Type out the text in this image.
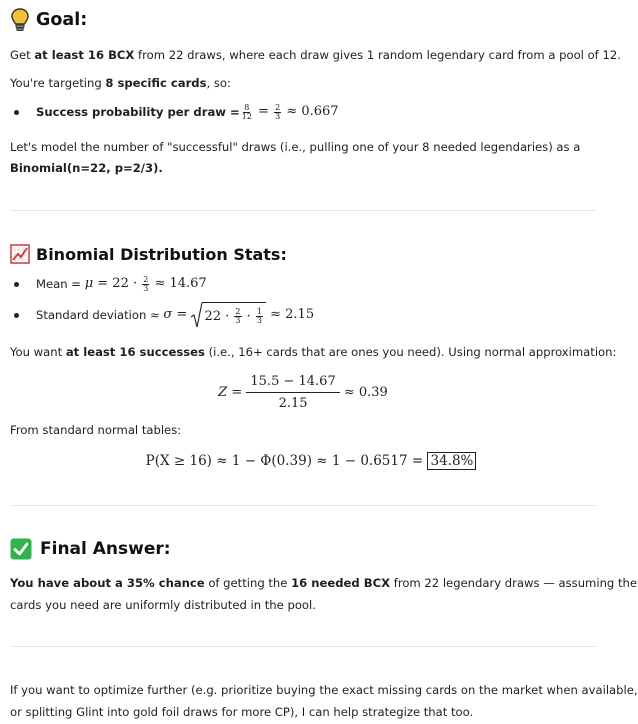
Goal:
Get at least 16 BCX from 22 draws, where each draw gives 1 random legendary card from a pool of 12.
You're targeting 8 specific cards, so:
Success probability per draw = $\frac{8}{12} = \frac{2}{3} \approx 0.667$
Let's model the number of "successful" draws (i.e., pulling one of your 8 needed legendaries) as a
Binomial(n=22, p=2/3).
Binomial Distribution Stats:
Mean = $\mu = 22 \cdot \frac{2}{3} \approx 14.67$
Standard deviation ≈ $\sigma = 22 \cdot \frac{2}{3} \cdot \frac{1}{3} \approx 2.15$
You want at least 16 successes (i.e., 16+ cards that are ones you need). Using normal approximation:
$Z = \frac{15.5 - 14.67}{2.15} \approx 0.39$
From standard normal tables:
P(X ≥ 16) ≈ 1 − Φ(0.39) ≈ 1 − 0.6517 = 34.8%
Final Answer:
You have about a 35% chance of getting the 16 needed BCX from 22 legendary draws — assuming the
cards you need are uniformly distributed in the pool.
If you want to optimize further (e.g. prioritize buying the exact missing cards on the market when available,
or splitting Glint into gold foil draws for more CP), I can help strategize that too.
